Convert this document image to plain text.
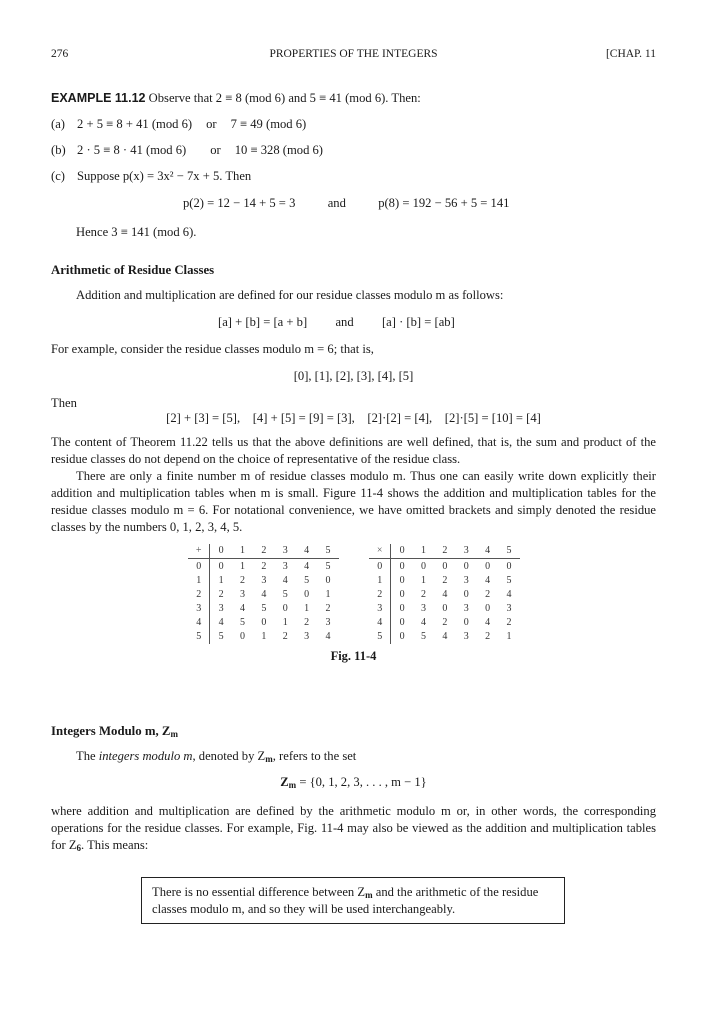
276	PROPERTIES OF THE INTEGERS	[CHAP. 11
EXAMPLE 11.12 Observe that 2 ≡ 8 (mod 6) and 5 ≡ 41 (mod 6). Then:
(a) 2 + 5 ≡ 8 + 41 (mod 6) or 7 ≡ 49 (mod 6)
(b) 2 · 5 ≡ 8 · 41 (mod 6) or 10 ≡ 328 (mod 6)
(c) Suppose p(x) = 3x² − 7x + 5. Then
p(2) = 12 − 14 + 5 = 3	and	p(8) = 192 − 56 + 5 = 141
Hence 3 ≡ 141 (mod 6).
Arithmetic of Residue Classes
Addition and multiplication are defined for our residue classes modulo m as follows:
[a] + [b] = [a + b] and [a] · [b] = [ab]
For example, consider the residue classes modulo m = 6; that is,
[0], [1], [2], [3], [4], [5]
Then
[2] + [3] = [5],    [4] + [5] = [9] = [3],    [2]·[2] = [4],    [2]·[5] = [10] = [4]
The content of Theorem 11.22 tells us that the above definitions are well defined, that is, the sum and product of the residue classes do not depend on the choice of representative of the residue class.
There are only a finite number m of residue classes modulo m. Thus one can easily write down explicitly their addition and multiplication tables when m is small. Figure 11-4 shows the addition and multiplication tables for the residue classes modulo m = 6. For notational convenience, we have omitted brackets and simply denoted the residue classes by the numbers 0, 1, 2, 3, 4, 5.
+	0	1	2	3	4	5
0	0	1	2	3	4	5
1	1	2	3	4	5	0
2	2	3	4	5	0	1
3	3	4	5	0	1	2
4	4	5	0	1	2	3
5	5	0	1	2	3	4
×	0	1	2	3	4	5
0	0	0	0	0	0	0
1	0	1	2	3	4	5
2	0	2	4	0	2	4
3	0	3	0	3	0	3
4	0	4	2	0	4	2
5	0	5	4	3	2	1
Fig. 11-4
Integers Modulo m, $Z_m$
The integers modulo m, denoted by $Z_m$, refers to the set
$Z_m = \{0$, 1, 2, 3, . . . , m − 1}
where addition and multiplication are defined by the arithmetic modulo m or, in other words, the corresponding operations for the residue classes. For example, Fig. 11-4 may also be viewed as the addition and multiplication tables for $Z_6$. This means:
There is no essential difference between $Z_m$ and the arithmetic of the residue classes modulo m, and so they will be used interchangeably.
